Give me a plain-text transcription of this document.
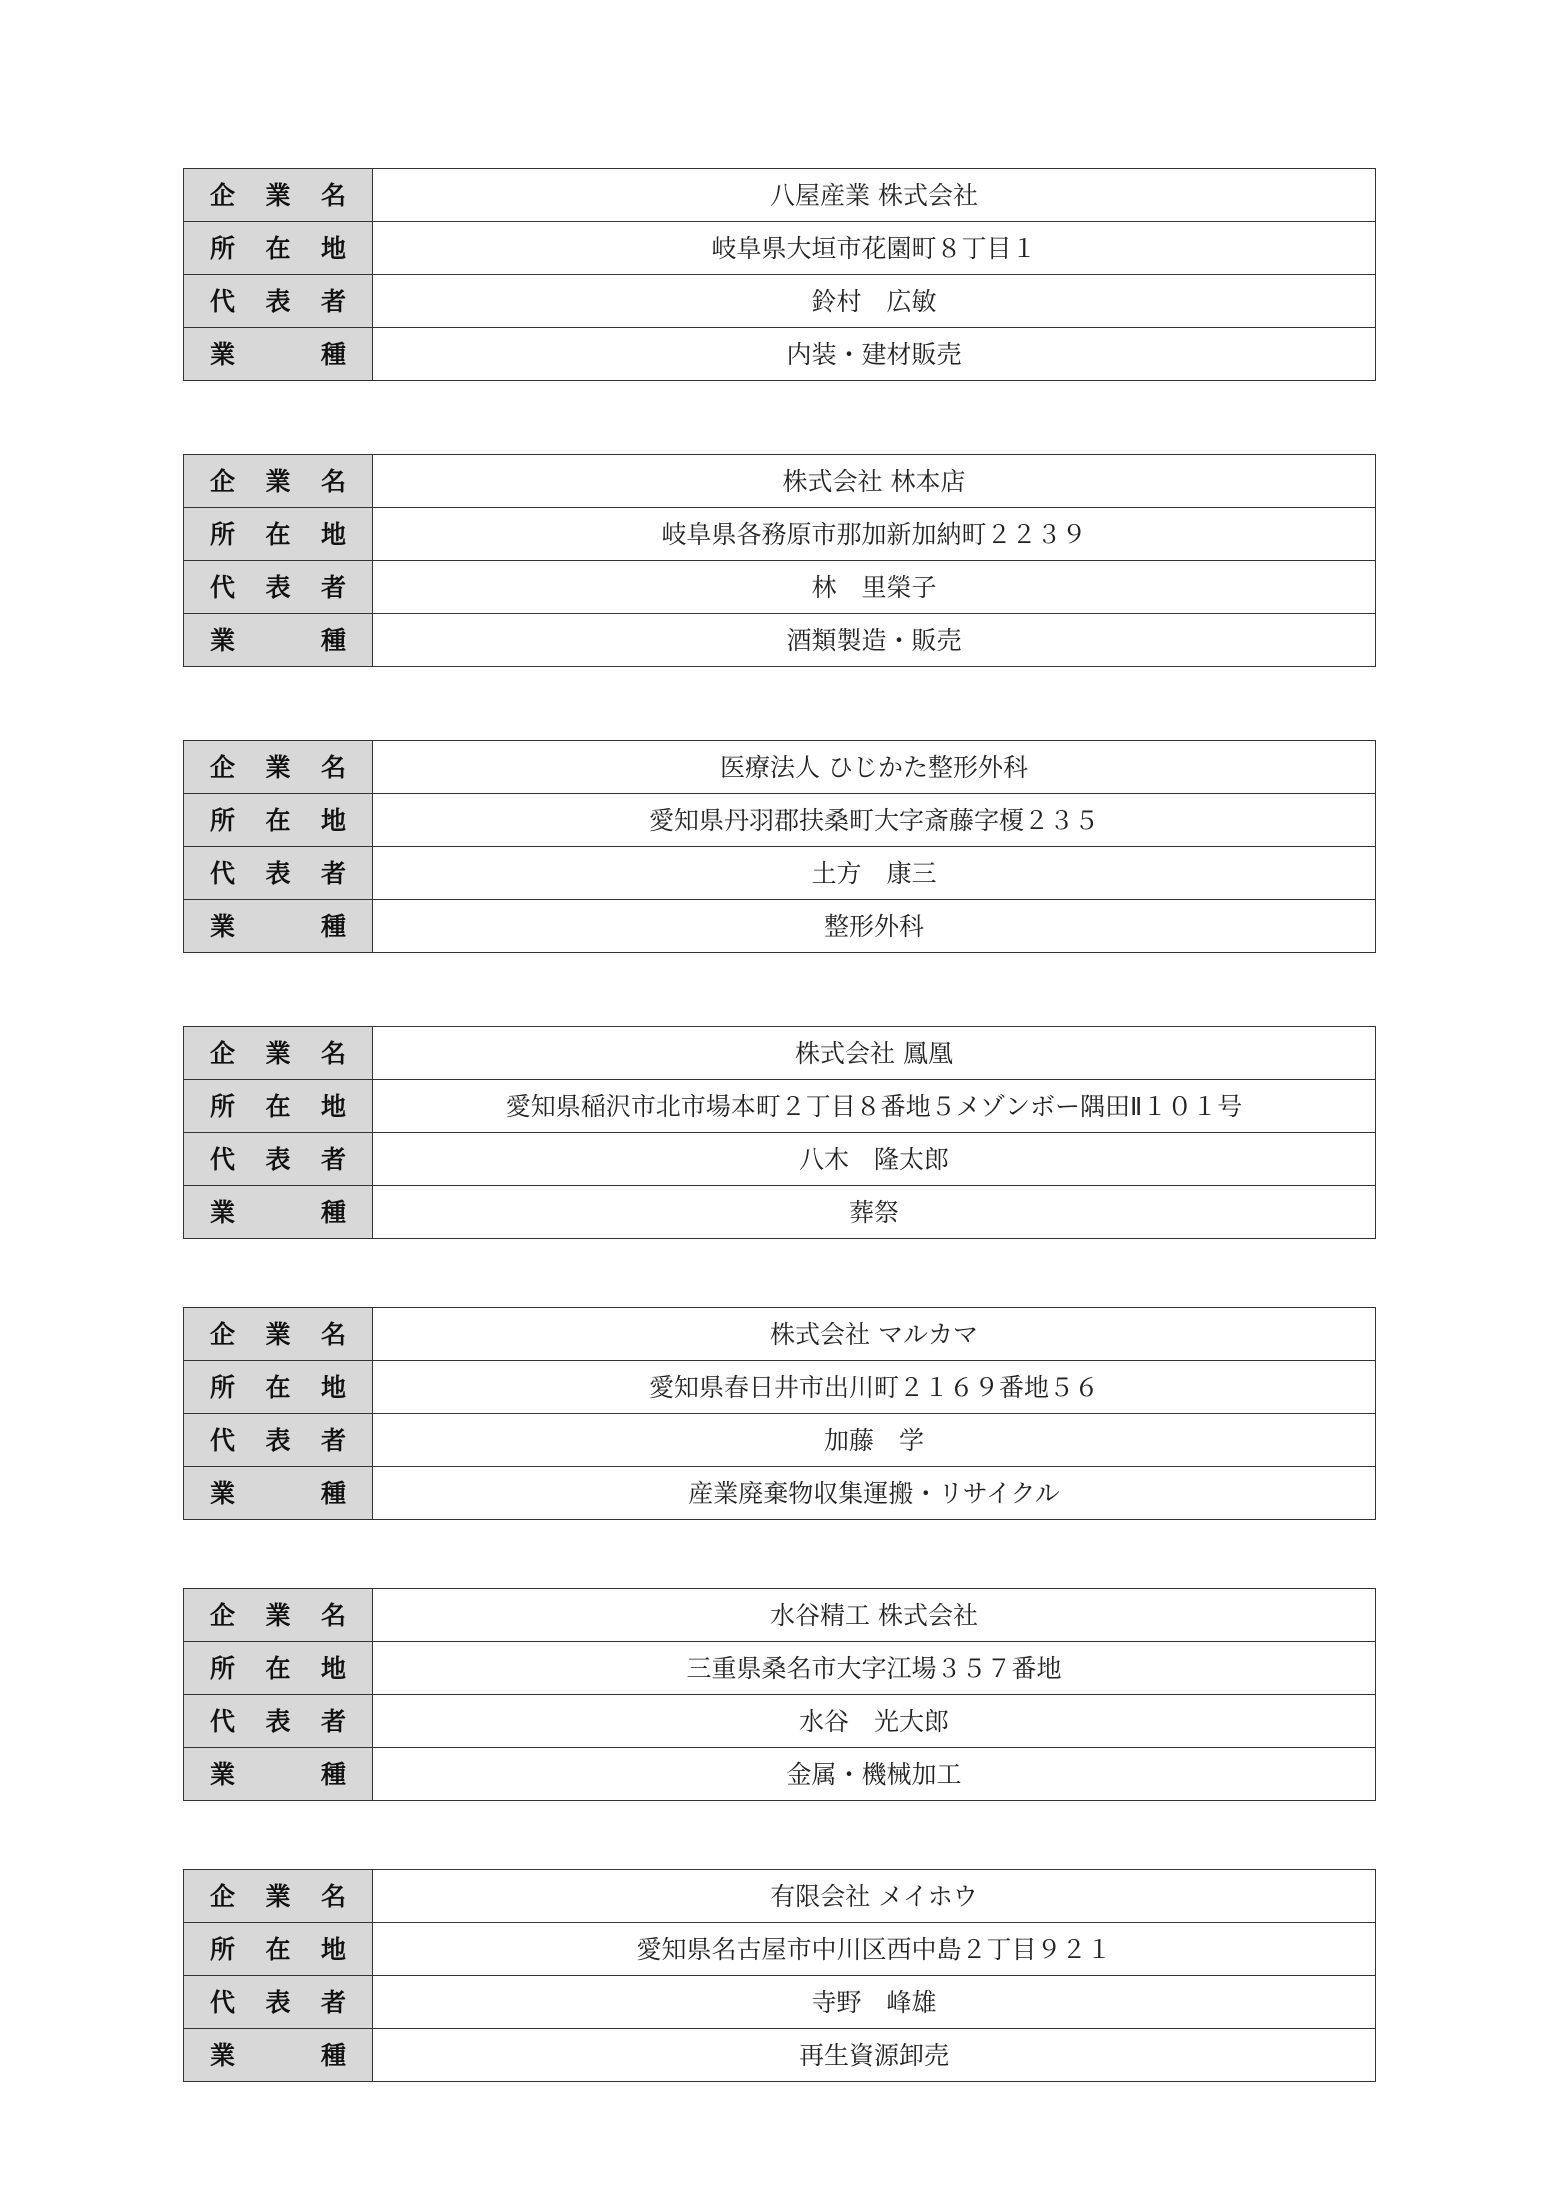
企 業 名	八屋産業 株式会社

所 在 地	岐阜県大垣市花園町８丁目１

代 表 者	鈴村　広敏

業 種	内装・建材販売
企 業 名	株式会社 林本店

所 在 地	岐阜県各務原市那加新加納町２２３９

代 表 者	林　里榮子

業 種	酒類製造・販売
企 業 名	医療法人 ひじかた整形外科

所 在 地	愛知県丹羽郡扶桑町大字斎藤字榎２３５

代 表 者	土方　康三

業 種	整形外科
企 業 名	株式会社 鳳凰

所 在 地	愛知県稲沢市北市場本町２丁目８番地５メゾンボー隅田Ⅱ１０１号

代 表 者	八木　隆太郎

業 種	葬祭
企 業 名	株式会社 マルカマ

所 在 地	愛知県春日井市出川町２１６９番地５６

代 表 者	加藤　学

業 種	産業廃棄物収集運搬・リサイクル
企 業 名	水谷精工 株式会社

所 在 地	三重県桑名市大字江場３５７番地

代 表 者	水谷　光大郎

業 種	金属・機械加工
企 業 名	有限会社 メイホウ

所 在 地	愛知県名古屋市中川区西中島２丁目９２１

代 表 者	寺野　峰雄

業 種	再生資源卸売
